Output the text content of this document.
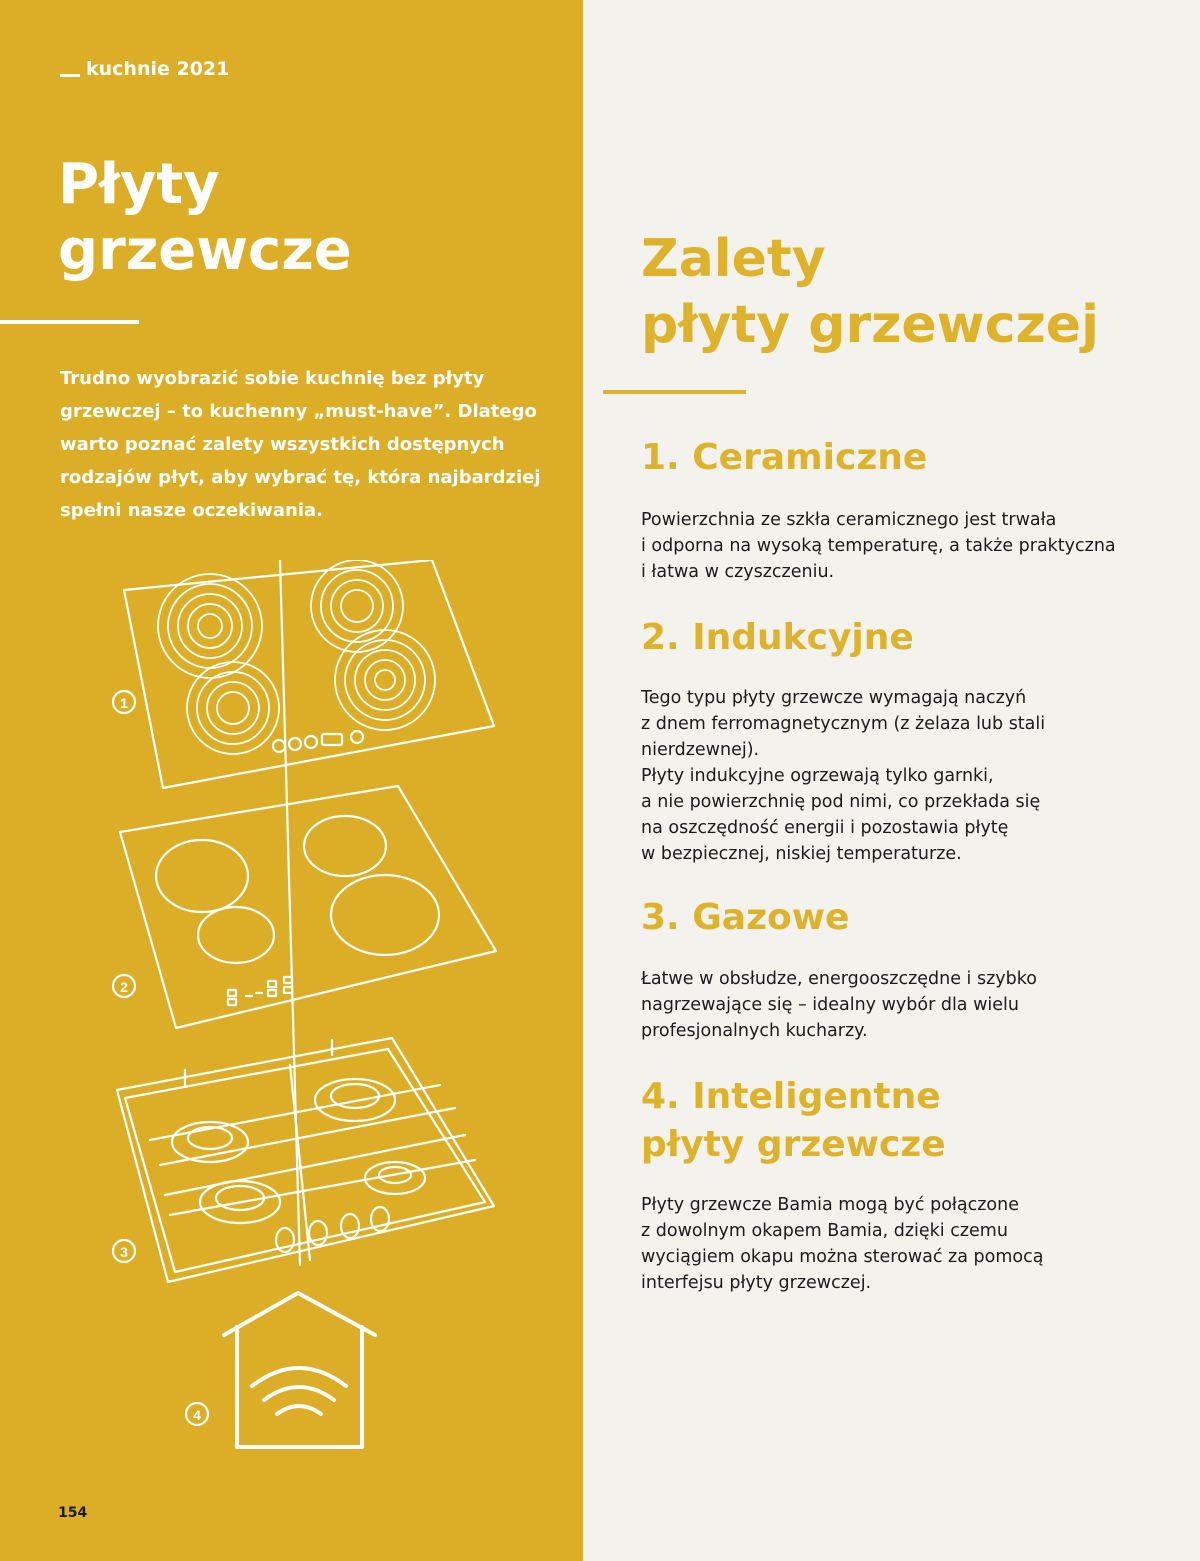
kuchnie 2021
Płyty
grzewcze
Trudno wyobrazić sobie kuchnię bez płyty
grzewczej – to kuchenny „must-have”. Dlatego
warto poznać zalety wszystkich dostępnych
rodzajów płyt, aby wybrać tę, która najbardziej
spełni nasze oczekiwania.
1
2
3
4
154
Zalety
płyty grzewczej
1. Ceramiczne

Powierzchnia ze szkła ceramicznego jest trwała

i odporna na wysoką temperaturę, a także praktyczna

i łatwa w czyszczeniu.

2. Indukcyjne

Tego typu płyty grzewcze wymagają naczyń

z dnem ferromagnetycznym (z żelaza lub stali

nierdzewnej).

Płyty indukcyjne ogrzewają tylko garnki,

a nie powierzchnię pod nimi, co przekłada się

na oszczędność energii i pozostawia płytę

w bezpiecznej, niskiej temperaturze.

3. Gazowe

Łatwe w obsłudze, energooszczędne i szybko

nagrzewające się – idealny wybór dla wielu

profesjonalnych kucharzy.

4. Inteligentne
płyty grzewcze

Płyty grzewcze Bamia mogą być połączone

z dowolnym okapem Bamia, dzięki czemu

wyciągiem okapu można sterować za pomocą

interfejsu płyty grzewczej.
